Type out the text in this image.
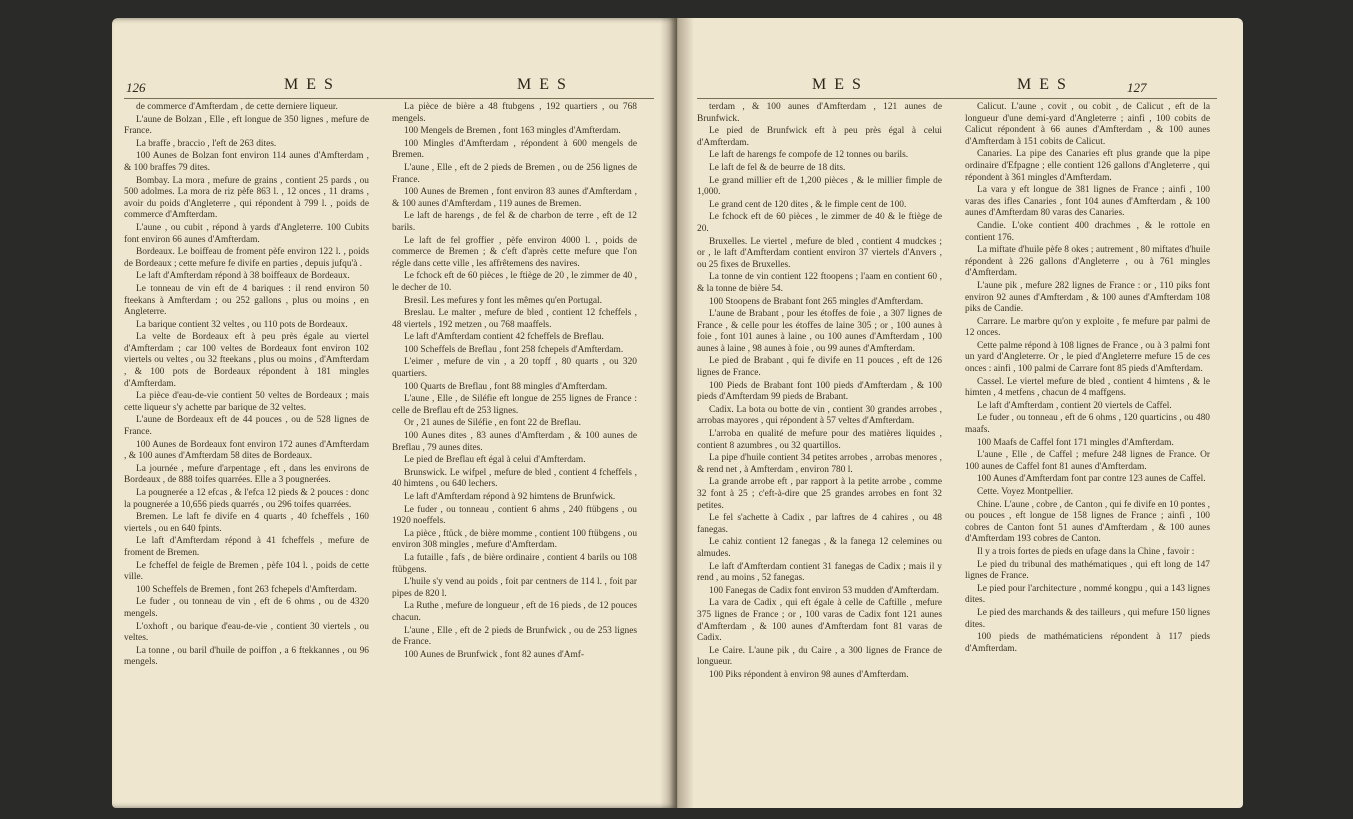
126	M E S	M E S

de commerce d'Amfterdam , de cette derniere liqueur.

L'aune de Bolzan , Elle , eft longue de 350 lignes , mefure de France.

La braffe , braccio , l'eft de 263 dites.

100 Aunes de Bolzan font environ 114 aunes d'Amfterdam , & 100 braffes 79 dites.

Bombay. La mora , mefure de grains , contient 25 pards , ou 500 adolmes. La mora de riz pèfe 863 l. , 12 onces , 11 drams , avoir du poids d'Angleterre , qui répondent à 799 l. , poids de commerce d'Amfterdam.

L'aune , ou cubit , répond à yards d'Angleterre. 100 Cubits font environ 66 aunes d'Amfterdam.

Bordeaux. Le boiffeau de froment pèfe environ 122 l. , poids de Bordeaux ; cette mefure fe divife en parties , depuis jufqu'à .

Le laft d'Amfterdam répond à 38 boiffeaux de Bordeaux.

Le tonneau de vin eft de 4 bariques : il rend environ 50 fteekans à Amfterdam ; ou 252 gallons , plus ou moins , en Angleterre.

La barique contient 32 veltes , ou 110 pots de Bordeaux.

La velte de Bordeaux eft à peu près égale au viertel d'Amfterdam ; car 100 veltes de Bordeaux font environ 102 viertels ou veltes , ou 32 fteekans , plus ou moins , d'Amfterdam , & 100 pots de Bordeaux répondent à 181 mingles d'Amfterdam.

La pièce d'eau-de-vie contient 50 veltes de Bordeaux ; mais cette liqueur s'y achette par barique de 32 veltes.

L'aune de Bordeaux eft de 44 pouces , ou de 528 lignes de France.

100 Aunes de Bordeaux font environ 172 aunes d'Amfterdam , & 100 aunes d'Amfterdam 58 dites de Bordeaux.

La journée , mefure d'arpentage , eft , dans les environs de Bordeaux , de 888 toifes quarrées. Elle a 3 pougnerées.

La pougnerée a 12 efcas , & l'efca 12 pieds & 2 pouces : donc la pougnerée a 10,656 pieds quarrés , ou 296 toifes quarrées.

Bremen. Le laft fe divife en 4 quarts , 40 fcheffels , 160 viertels , ou en 640 fpints.

Le laft d'Amfterdam répond à 41 fcheffels , mefure de froment de Bremen.

Le fcheffel de feigle de Bremen , pèfe 104 l. , poids de cette ville.

100 Scheffels de Bremen , font 263 fchepels d'Amfterdam.

Le fuder , ou tonneau de vin , eft de 6 ohms , ou de 4320 mengels.

L'oxhoft , ou barique d'eau-de-vie , contient 30 viertels , ou veltes.

La tonne , ou baril d'huile de poiffon , a 6 ftekkannes , ou 96 mengels.

La pièce de bière a 48 ftubgens , 192 quartiers , ou 768 mengels.

100 Mengels de Bremen , font 163 mingles d'Amfterdam.

100 Mingles d'Amfterdam , répondent à 600 mengels de Bremen.

L'aune , Elle , eft de 2 pieds de Bremen , ou de 256 lignes de France.

100 Aunes de Bremen , font environ 83 aunes d'Amfterdam , & 100 aunes d'Amfterdam , 119 aunes de Bremen.

Le laft de harengs , de fel & de charbon de terre , eft de 12 barils.

Le laft de fel groffier , pèfe environ 4000 l. , poids de commerce de Bremen ; & c'eft d'après cette mefure que l'on régle dans cette ville , les affrêtemens des navires.

Le fchock eft de 60 pièces , le ftiège de 20 , le zimmer de 40 , le decher de 10.

Bresil. Les mefures y font les mêmes qu'en Portugal.

Breslau. Le malter , mefure de bled , contient 12 fcheffels , 48 viertels , 192 metzen , ou 768 maaffels.

Le laft d'Amfterdam contient 42 fcheffels de Breflau.

100 Scheffels de Breflau , font 258 fchepels d'Amfterdam.

L'eimer , mefure de vin , a 20 topff , 80 quarts , ou 320 quartiers.

100 Quarts de Breflau , font 88 mingles d'Amfterdam.

L'aune , Elle , de Siléfie eft longue de 255 lignes de France : celle de Breflau eft de 253 lignes.

Or , 21 aunes de Siléfie , en font 22 de Breflau.

100 Aunes dites , 83 aunes d'Amfterdam , & 100 aunes de Breflau , 79 aunes dites.

Le pied de Breflau eft égal à celui d'Amfterdam.

Brunswick. Le wifpel , mefure de bled , contient 4 fcheffels , 40 himtens , ou 640 lechers.

Le laft d'Amfterdam répond à 92 himtens de Brunfwick.

Le fuder , ou tonneau , contient 6 ahms , 240 ftübgens , ou 1920 noeffels.

La pièce , ftück , de bière momme , contient 100 ftübgens , ou environ 308 mingles , mefure d'Amfterdam.

La futaille , fafs , de bière ordinaire , contient 4 barils ou 108 ftübgens.

L'huile s'y vend au poids , foit par centners de 114 l. , foit par pipes de 820 l.

La Ruthe , mefure de longueur , eft de 16 pieds , de 12 pouces chacun.

L'aune , Elle , eft de 2 pieds de Brunfwick , ou de 253 lignes de France.

100 Aunes de Brunfwick , font 82 aunes d'Amf-

M E S	M E S	127

terdam , & 100 aunes d'Amfterdam , 121 aunes de Brunfwick.

Le pied de Brunfwick eft à peu près égal à celui d'Amfterdam.

Le laft de harengs fe compofe de 12 tonnes ou barils.

Le laft de fel & de beurre de 18 dits.

Le grand millier eft de 1,200 pièces , & le millier fimple de 1,000.

Le grand cent de 120 dites , & le fimple cent de 100.

Le fchock eft de 60 pièces , le zimmer de 40 & le ftiège de 20.

Bruxelles. Le viertel , mefure de bled , contient 4 mudckes ; or , le laft d'Amfterdam contient environ 37 viertels d'Anvers , ou 25 fixes de Bruxelles.

La tonne de vin contient 122 ftoopens ; l'aam en contient 60 , & la tonne de bière 54.

100 Stoopens de Brabant font 265 mingles d'Amfterdam.

L'aune de Brabant , pour les étoffes de foie , a 307 lignes de France , & celle pour les étoffes de laine 305 ; or , 100 aunes à foie , font 101 aunes à laine , ou 100 aunes d'Amfterdam , 100 aunes à laine , 98 aunes à foie , ou 99 aunes d'Amfterdam.

Le pied de Brabant , qui fe divife en 11 pouces , eft de 126 lignes de France.

100 Pieds de Brabant font 100 pieds d'Amfterdam , & 100 pieds d'Amfterdam 99 pieds de Brabant.

Cadix. La bota ou botte de vin , contient 30 grandes arrobes , arrobas mayores , qui répondent à 57 veltes d'Amfterdam.

L'arroba en qualité de mefure pour des matières liquides , contient 8 azumbres , ou 32 quartillos.

La pipe d'huile contient 34 petites arrobes , arrobas menores , & rend net , à Amfterdam , environ 780 l.

La grande arrobe eft , par rapport à la petite arrobe , comme 32 font à 25 ; c'eft-à-dire que 25 grandes arrobes en font 32 petites.

Le fel s'achette à Cadix , par laftres de 4 cahires , ou 48 fanegas.

Le cahiz contient 12 fanegas , & la fanega 12 celemines ou almudes.

Le laft d'Amfterdam contient 31 fanegas de Cadix ; mais il y rend , au moins , 52 fanegas.

100 Fanegas de Cadix font environ 53 mudden d'Amfterdam.

La vara de Cadix , qui eft égale à celle de Caftille , mefure 375 lignes de France ; or , 100 varas de Cadix font 121 aunes d'Amfterdam , & 100 aunes d'Amfterdam font 81 varas de Cadix.

Le Caire. L'aune pik , du Caire , a 300 lignes de France de longueur.

100 Piks répondent à environ 98 aunes d'Amfterdam.

Calicut. L'aune , covit , ou cobit , de Calicut , eft de la longueur d'une demi-yard d'Angleterre ; ainfi , 100 cobits de Calicut répondent à 66 aunes d'Amfterdam , & 100 aunes d'Amfterdam à 151 cobits de Calicut.

Canaries. La pipe des Canaries eft plus grande que la pipe ordinaire d'Efpagne ; elle contient 126 gallons d'Angleterre , qui répondent à 361 mingles d'Amfterdam.

La vara y eft longue de 381 lignes de France ; ainfi , 100 varas des ifles Canaries , font 104 aunes d'Amfterdam , & 100 aunes d'Amfterdam 80 varas des Canaries.

Candie. L'oke contient 400 drachmes , & le rottole en contient 176.

La miftate d'huile pèfe 8 okes ; autrement , 80 miftates d'huile répondent à 226 gallons d'Angleterre , ou à 761 mingles d'Amfterdam.

L'aune pik , mefure 282 lignes de France : or , 110 piks font environ 92 aunes d'Amfterdam , & 100 aunes d'Amfterdam 108 piks de Candie.

Carrare. Le marbre qu'on y exploite , fe mefure par palmi de 12 onces.

Cette palme répond à 108 lignes de France , ou à 3 palmi font un yard d'Angleterre. Or , le pied d'Angleterre mefure 15 de ces onces : ainfi , 100 palmi de Carrare font 85 pieds d'Amfterdam.

Cassel. Le viertel mefure de bled , contient 4 himtens , & le himten , 4 metfens , chacun de 4 maffgens.

Le laft d'Amfterdam , contient 20 viertels de Caffel.

Le fuder , ou tonneau , eft de 6 ohms , 120 quarticins , ou 480 maafs.

100 Maafs de Caffel font 171 mingles d'Amfterdam.

L'aune , Elle , de Caffel ; mefure 248 lignes de France. Or 100 aunes de Caffel font 81 aunes d'Amfterdam.

100 Aunes d'Amfterdam font par contre 123 aunes de Caffel.

Cette. Voyez Montpellier.

Chine. L'aune , cobre , de Canton , qui fe divife en 10 pontes , ou pouces , eft longue de 158 lignes de France ; ainfi , 100 cobres de Canton font 51 aunes d'Amfterdam , & 100 aunes d'Amfterdam 193 cobres de Canton.

Il y a trois fortes de pieds en ufage dans la Chine , favoir :

Le pied du tribunal des mathématiques , qui eft long de 147 lignes de France.

Le pied pour l'architecture , nommé kongpu , qui a 143 lignes dites.

Le pied des marchands & des tailleurs , qui mefure 150 lignes dites.

100 pieds de mathématiciens répondent à 117 pieds d'Amfterdam.
